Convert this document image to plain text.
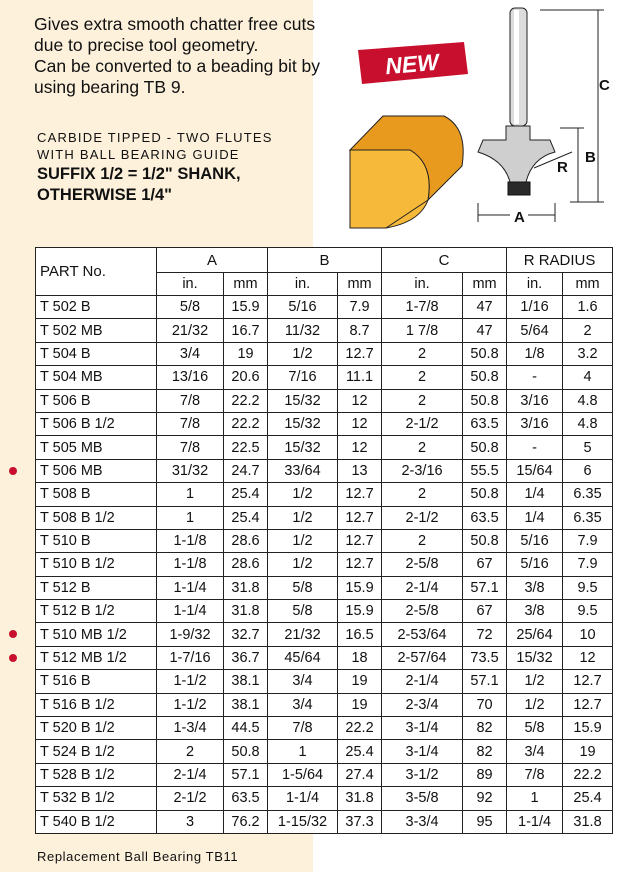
Gives extra smooth chatter free cuts
due to precise tool geometry.
Can be converted to a beading bit by
using bearing TB 9.
CARBIDE TIPPED - TWO FLUTES
WITH BALL BEARING GUIDE
SUFFIX 1/2 = 1/2" SHANK,
OTHERWISE 1/4"
C
B
R
A
NEW
PART No.	A		B		C		R RADIUS	
	in.	mm	in.	mm	in.	mm	in.	mm
T 502 B	5/8	15.9	5/16	7.9	1-7/8	47	1/16	1.6
T 502 MB	21/32	16.7	11/32	8.7	1 7/8	47	5/64	2
T 504 B	3/4	19	1/2	12.7	2	50.8	1/8	3.2
T 504 MB	13/16	20.6	7/16	11.1	2	50.8	-	4
T 506 B	7/8	22.2	15/32	12	2	50.8	3/16	4.8
T 506 B 1/2	7/8	22.2	15/32	12	2-1/2	63.5	3/16	4.8
T 505 MB	7/8	22.5	15/32	12	2	50.8	-	5
T 506 MB	31/32	24.7	33/64	13	2-3/16	55.5	15/64	6
T 508 B	1	25.4	1/2	12.7	2	50.8	1/4	6.35
T 508 B 1/2	1	25.4	1/2	12.7	2-1/2	63.5	1/4	6.35
T 510 B	1-1/8	28.6	1/2	12.7	2	50.8	5/16	7.9
T 510 B 1/2	1-1/8	28.6	1/2	12.7	2-5/8	67	5/16	7.9
T 512 B	1-1/4	31.8	5/8	15.9	2-1/4	57.1	3/8	9.5
T 512 B 1/2	1-1/4	31.8	5/8	15.9	2-5/8	67	3/8	9.5
T 510 MB 1/2	1-9/32	32.7	21/32	16.5	2-53/64	72	25/64	10
T 512 MB 1/2	1-7/16	36.7	45/64	18	2-57/64	73.5	15/32	12
T 516 B	1-1/2	38.1	3/4	19	2-1/4	57.1	1/2	12.7
T 516 B 1/2	1-1/2	38.1	3/4	19	2-3/4	70	1/2	12.7
T 520 B 1/2	1-3/4	44.5	7/8	22.2	3-1/4	82	5/8	15.9
T 524 B 1/2	2	50.8	1	25.4	3-1/4	82	3/4	19
T 528 B 1/2	2-1/4	57.1	1-5/64	27.4	3-1/2	89	7/8	22.2
T 532 B 1/2	2-1/2	63.5	1-1/4	31.8	3-5/8	92	1	25.4
T 540 B 1/2	3	76.2	1-15/32	37.3	3-3/4	95	1-1/4	31.8
Replacement Ball Bearing TB11
